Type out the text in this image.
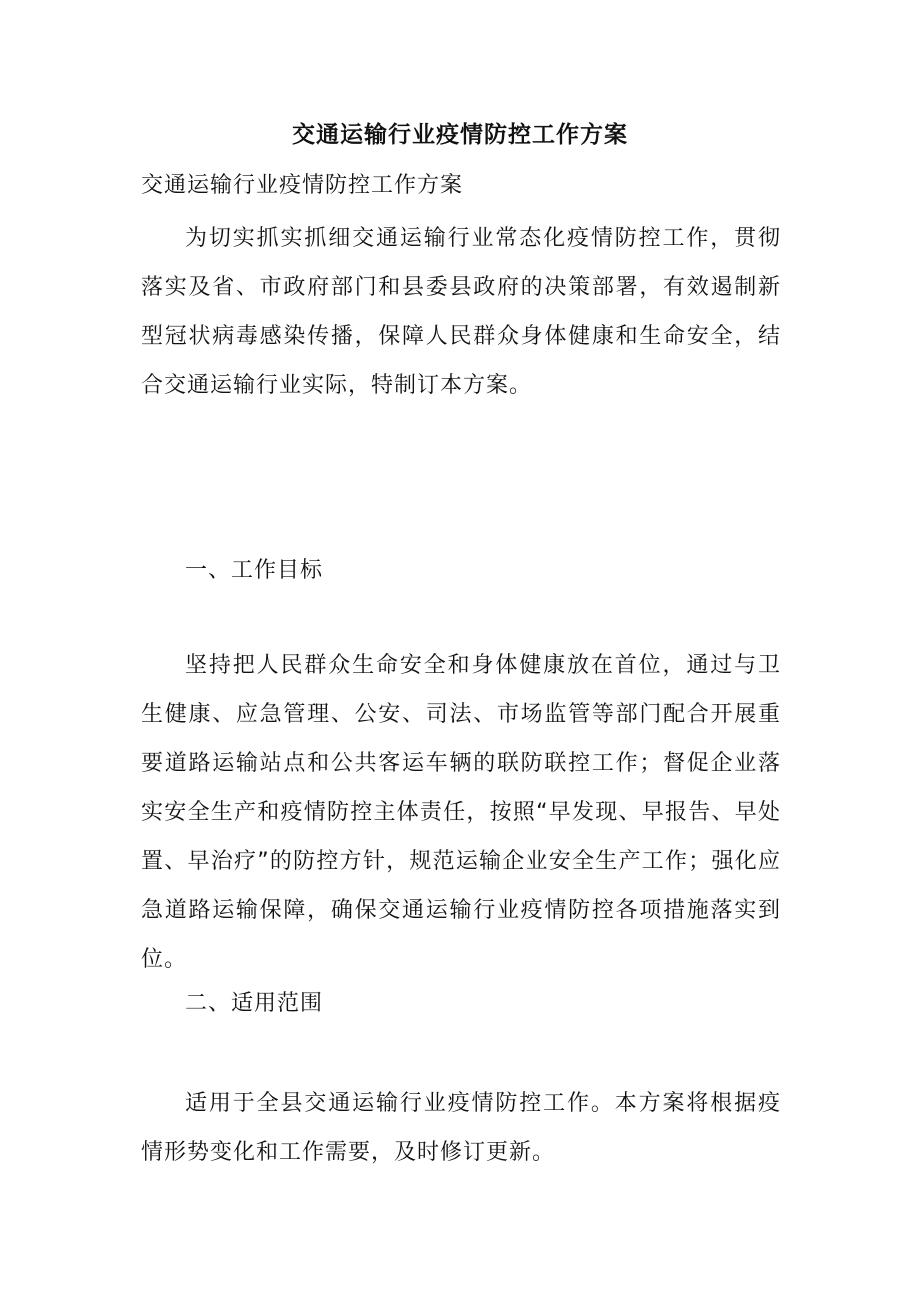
交通运输行业疫情防控工作方案
交通运输行业疫情防控工作方案

为切实抓实抓细交通运输行业常态化疫情防控工作，贯彻落实及省、市政府部门和县委县政府的决策部署，有效遏制新型冠状病毒感染传播，保障人民群众身体健康和生命安全，结合交通运输行业实际，特制订本方案。

一、工作目标

坚持把人民群众生命安全和身体健康放在首位，通过与卫生健康、应急管理、公安、司法、市场监管等部门配合开展重要道路运输站点和公共客运车辆的联防联控工作；督促企业落实安全生产和疫情防控主体责任，按照“早发现、早报告、早处置、早治疗”的防控方针，规范运输企业安全生产工作；强化应急道路运输保障，确保交通运输行业疫情防控各项措施落实到位。

二、适用范围

适用于全县交通运输行业疫情防控工作。本方案将根据疫情形势变化和工作需要，及时修订更新。
